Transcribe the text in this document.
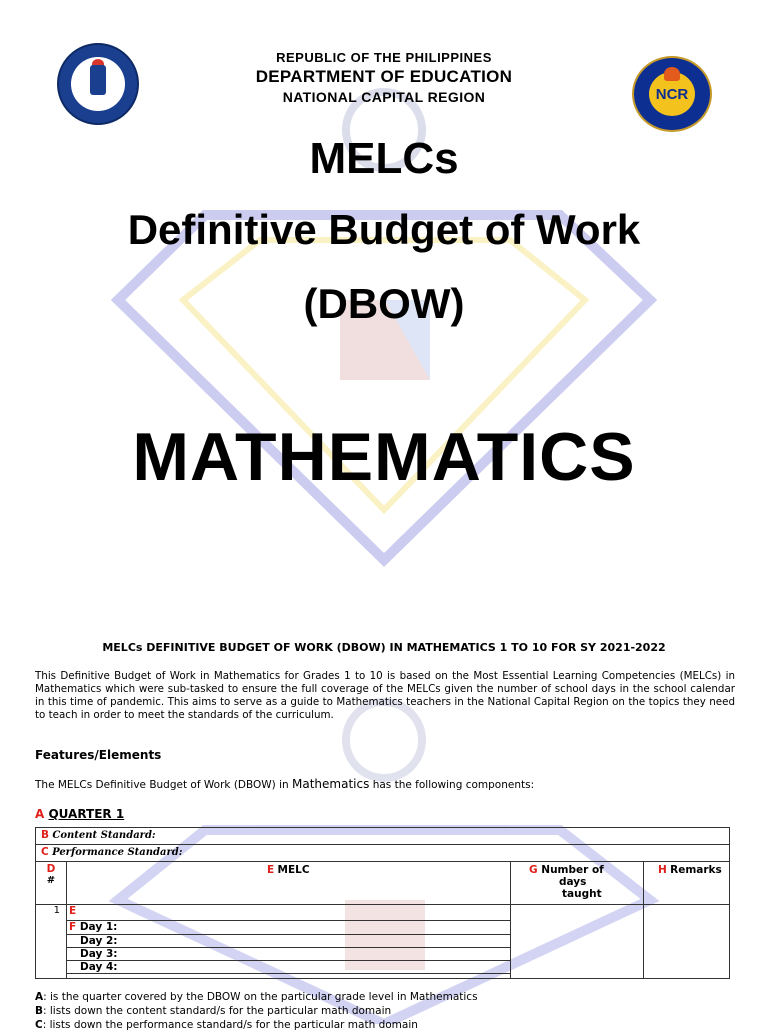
NCR
REPUBLIC OF THE PHILIPPINES
DEPARTMENT OF EDUCATION
NATIONAL CAPITAL REGION
MELCs
Definitive Budget of Work
(DBOW)
MATHEMATICS
MELCs DEFINITIVE BUDGET OF WORK (DBOW) IN MATHEMATICS 1 TO 10 FOR SY 2021-2022
This Definitive Budget of Work in Mathematics for Grades 1 to 10 is based on the Most Essential Learning Competencies (MELCs) in Mathematics which were sub-tasked to ensure the full coverage of the MELCs given the number of school days in the school calendar in this time of pandemic. This aims to serve as a guide to Mathematics teachers in the National Capital Region on the topics they need to teach in order to meet the standards of the curriculum.
Features/Elements
The MELCs Definitive Budget of Work (DBOW) in Mathematics has the following components:
A QUARTER 1
B Content Standard:
C Performance Standard:
D
#
E MELC	G Number of
days
taught
H Remarks
1 E
F Day 1:
Day 2:
Day 3:
Day 4:
A: is the quarter covered by the DBOW on the particular grade level in Mathematics
B: lists down the content standard/s for the particular math domain
C: lists down the performance standard/s for the particular math domain
